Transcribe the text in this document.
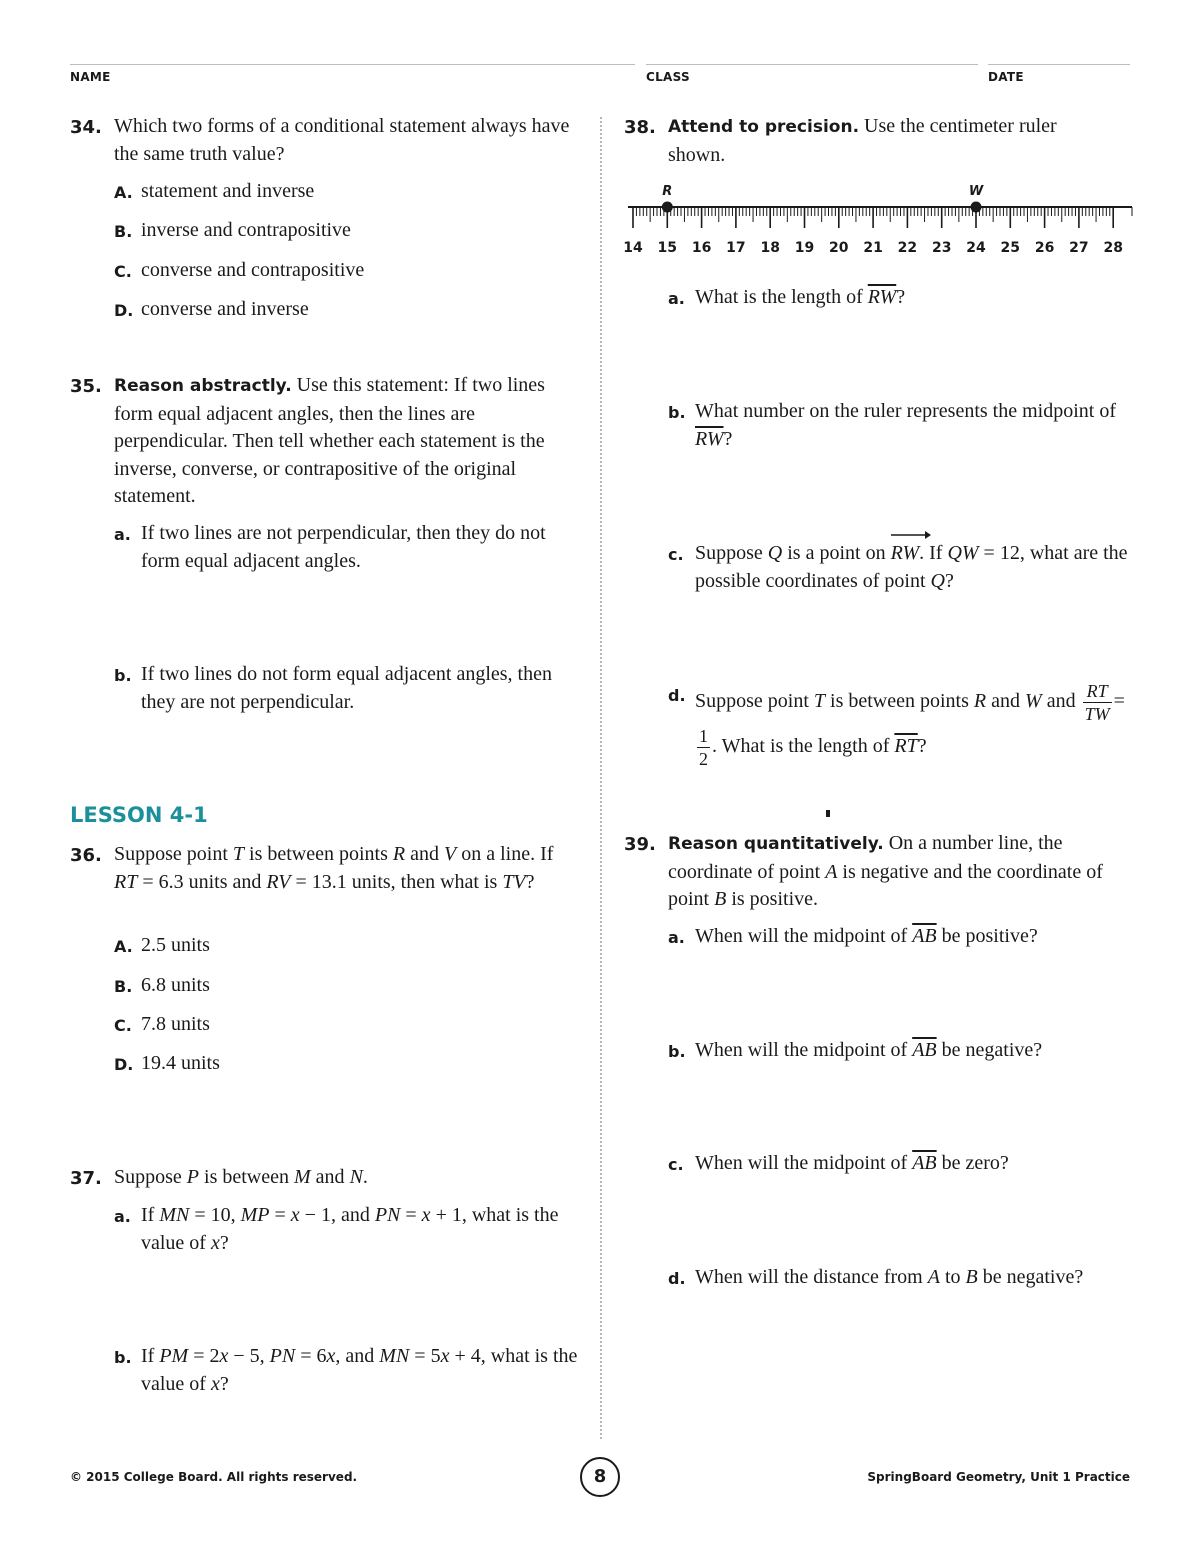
NAME	CLASS	DATE
34. Which two forms of a conditional statement always have the same truth value?
A. statement and inverse
B. inverse and contrapositive
C. converse and contrapositive
D. converse and inverse
35. Reason abstractly. Use this statement: If two lines form equal adjacent angles, then the lines are perpendicular. Then tell whether each statement is the inverse, converse, or contrapositive of the original statement.
a. If two lines are not perpendicular, then they do not form equal adjacent angles.
b. If two lines do not form equal adjacent angles, then they are not perpendicular.
LESSON 4-1
36. Suppose point T is between points R and V on a line. If RT = 6.3 units and RV = 13.1 units, then what is TV?
A. 2.5 units
B. 6.8 units
C. 7.8 units
D. 19.4 units
37. Suppose P is between M and N.
a. If MN = 10, MP = x − 1, and PN = x + 1, what is the value of x?
b. If PM = 2x − 5, PN = 6x, and MN = 5x + 4, what is the value of x?
38. Attend to precision. Use the centimeter ruler shown.
14 15 16 17 18 19 20 21 22 23 24 25 26 27 28
R	W
a. What is the length of $\overline{RW}$?
b. What number on the ruler represents the midpoint of $\overline{RW}$?
c. Suppose Q is a point on RW
. If QW = 12, what are the possible coordinates of point Q?
d. Suppose point T is between points R and W and $\frac{RT}{TW}$ =
$\frac{1}{2}$ . What is the length of $\overline{RT}$?
39. Reason quantitatively. On a number line, the coordinate of point A is negative and the coordinate of point B is positive.
a. When will the midpoint of $\overline{AB}$ be positive?
b. When will the midpoint of $\overline{AB}$ be negative?
c. When will the midpoint of $\overline{AB}$ be zero?
d. When will the distance from A to B be negative?
© 2015 College Board. All rights reserved.	8	SpringBoard Geometry, Unit 1 Practice
